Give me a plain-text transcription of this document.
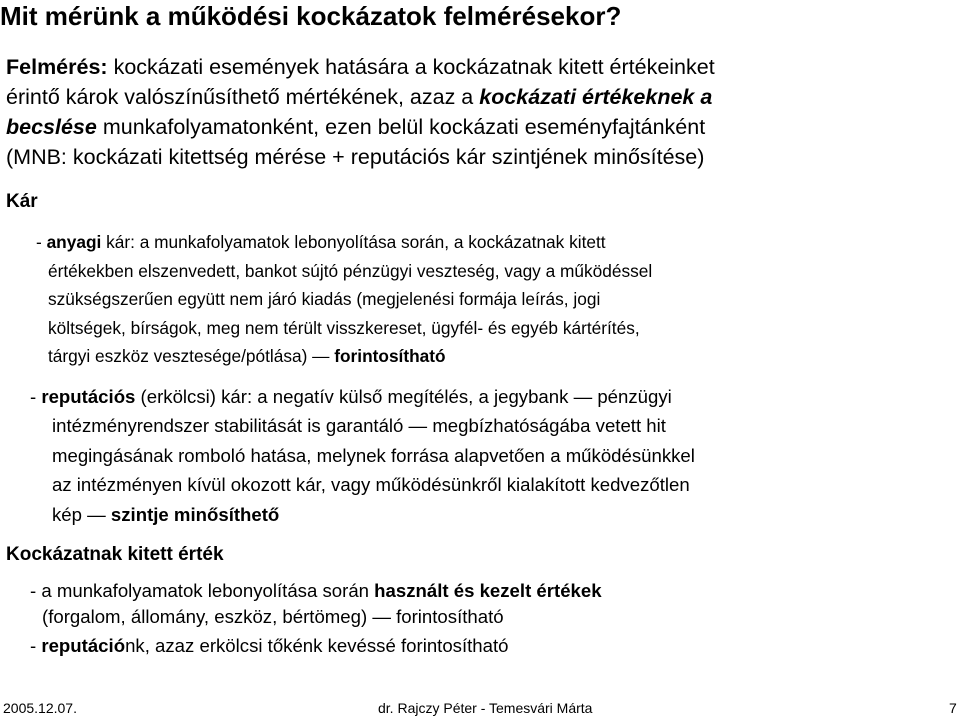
Mit mérünk a működési kockázatok felmérésekor?
Felmérés: kockázati események hatására a kockázatnak kitett értékeinket
érintő károk valószínűsíthető mértékének, azaz a kockázati értékeknek a
becslése munkafolyamatonként, ezen belül kockázati eseményfajtánként
(MNB: kockázati kitettség mérése + reputációs kár szintjének minősítése)
Kár
- anyagi kár: a munkafolyamatok lebonyolítása során, a kockázatnak kitett
értékekben elszenvedett, bankot sújtó pénzügyi veszteség, vagy a működéssel
szükségszerűen együtt nem járó kiadás (megjelenési formája leírás, jogi
költségek, bírságok, meg nem térült visszkereset, ügyfél- és egyéb kártérítés,
tárgyi eszköz vesztesége/pótlása) — forintosítható
- reputációs (erkölcsi) kár: a negatív külső megítélés, a jegybank — pénzügyi
intézményrendszer stabilitását is garantáló — megbízhatóságába vetett hit
megingásának romboló hatása, melynek forrása alapvetően a működésünkkel
az intézményen kívül okozott kár, vagy működésünkről kialakított kedvezőtlen
kép — szintje minősíthető
Kockázatnak kitett érték
- a munkafolyamatok lebonyolítása során használt és kezelt értékek
(forgalom, állomány, eszköz, bértömeg) — forintosítható
- reputációnk, azaz erkölcsi tőkénk kevéssé forintosítható
2005.12.07.	dr. Rajczy Péter - Temesvári Márta	7
